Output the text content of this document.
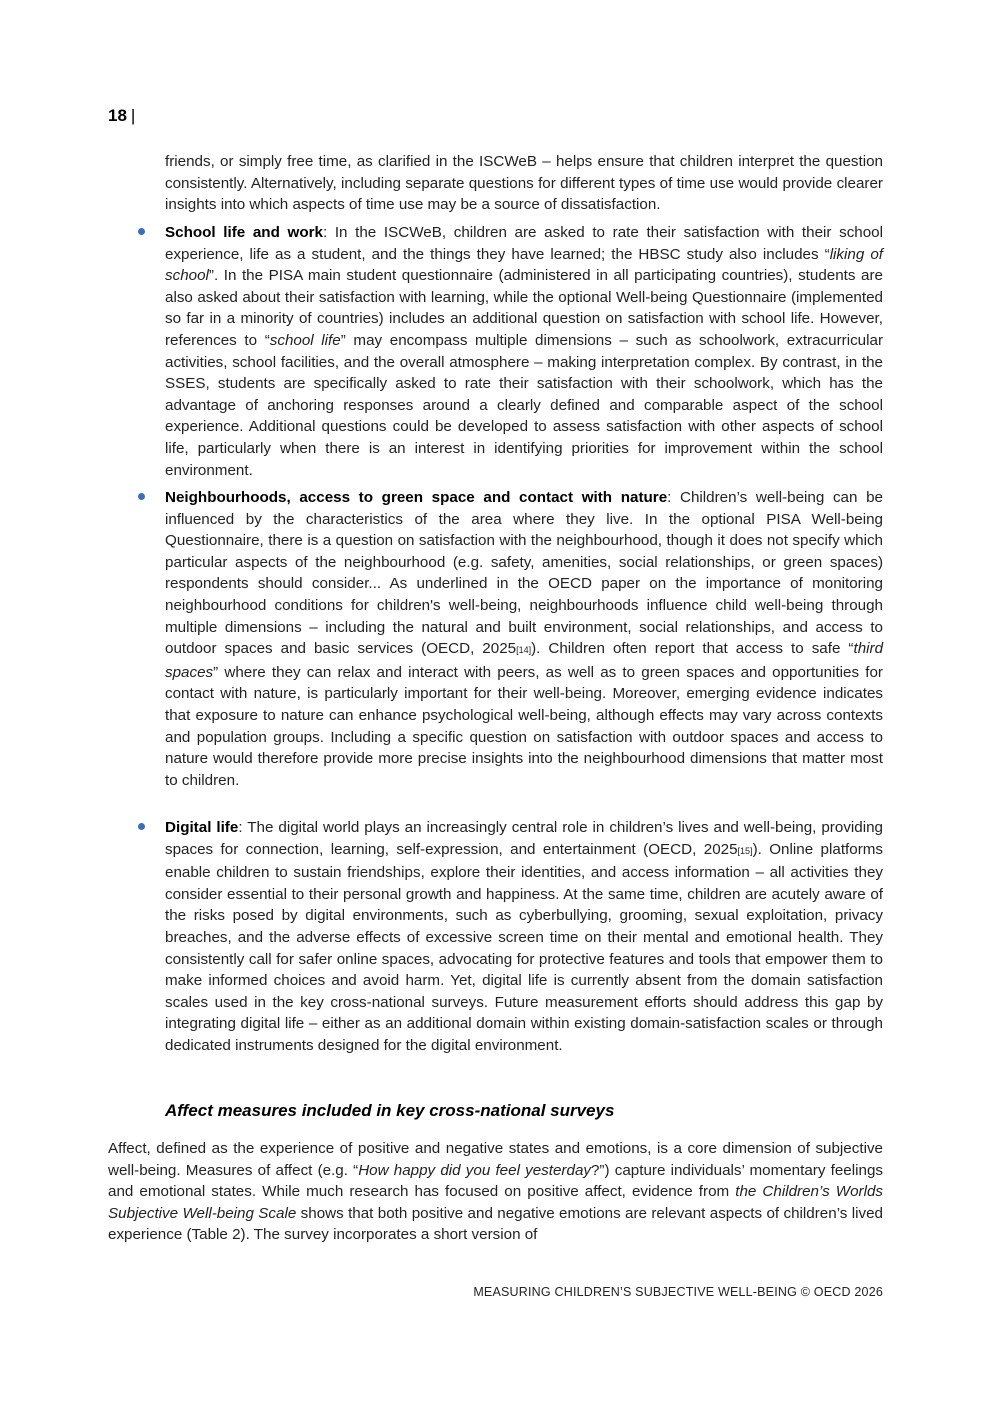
18 |

friends, or simply free time, as clarified in the ISCWeB – helps ensure that children interpret the question consistently. Alternatively, including separate questions for different types of time use would provide clearer insights into which aspects of time use may be a source of dissatisfaction.

School life and work: In the ISCWeB, children are asked to rate their satisfaction with their school experience, life as a student, and the things they have learned; the HBSC study also includes “liking of school”. In the PISA main student questionnaire (administered in all participating countries), students are also asked about their satisfaction with learning, while the optional Well-being Questionnaire (implemented so far in a minority of countries) includes an additional question on satisfaction with school life. However, references to “school life” may encompass multiple dimensions – such as schoolwork, extracurricular activities, school facilities, and the overall atmosphere – making interpretation complex. By contrast, in the SSES, students are specifically asked to rate their satisfaction with their schoolwork, which has the advantage of anchoring responses around a clearly defined and comparable aspect of the school experience. Additional questions could be developed to assess satisfaction with other aspects of school life, particularly when there is an interest in identifying priorities for improvement within the school environment.
Neighbourhoods, access to green space and contact with nature: Children’s well-being can be influenced by the characteristics of the area where they live. In the optional PISA Well-being Questionnaire, there is a question on satisfaction with the neighbourhood, though it does not specify which particular aspects of the neighbourhood (e.g. safety, amenities, social relationships, or green spaces) respondents should consider... As underlined in the OECD paper on the importance of monitoring neighbourhood conditions for children's well-being, neighbourhoods influence child well-being through multiple dimensions – including the natural and built environment, social relationships, and access to outdoor spaces and basic services (OECD, 2025[14]). Children often report that access to safe “third spaces” where they can relax and interact with peers, as well as to green spaces and opportunities for contact with nature, is particularly important for their well-being. Moreover, emerging evidence indicates that exposure to nature can enhance psychological well-being, although effects may vary across contexts and population groups. Including a specific question on satisfaction with outdoor spaces and access to nature would therefore provide more precise insights into the neighbourhood dimensions that matter most to children.
Digital life: The digital world plays an increasingly central role in children’s lives and well-being, providing spaces for connection, learning, self-expression, and entertainment (OECD, 2025[15]). Online platforms enable children to sustain friendships, explore their identities, and access information – all activities they consider essential to their personal growth and happiness. At the same time, children are acutely aware of the risks posed by digital environments, such as cyberbullying, grooming, sexual exploitation, privacy breaches, and the adverse effects of excessive screen time on their mental and emotional health. They consistently call for safer online spaces, advocating for protective features and tools that empower them to make informed choices and avoid harm. Yet, digital life is currently absent from the domain satisfaction scales used in the key cross-national surveys. Future measurement efforts should address this gap by integrating digital life – either as an additional domain within existing domain-satisfaction scales or through dedicated instruments designed for the digital environment.
Affect measures included in key cross-national surveys

Affect, defined as the experience of positive and negative states and emotions, is a core dimension of subjective well-being. Measures of affect (e.g. “How happy did you feel yesterday?”) capture individuals’ momentary feelings and emotional states. While much research has focused on positive affect, evidence from the Children’s Worlds Subjective Well-being Scale shows that both positive and negative emotions are relevant aspects of children’s lived experience (Table 2). The survey incorporates a short version of

MEASURING CHILDREN’S SUBJECTIVE WELL-BEING © OECD 2026
